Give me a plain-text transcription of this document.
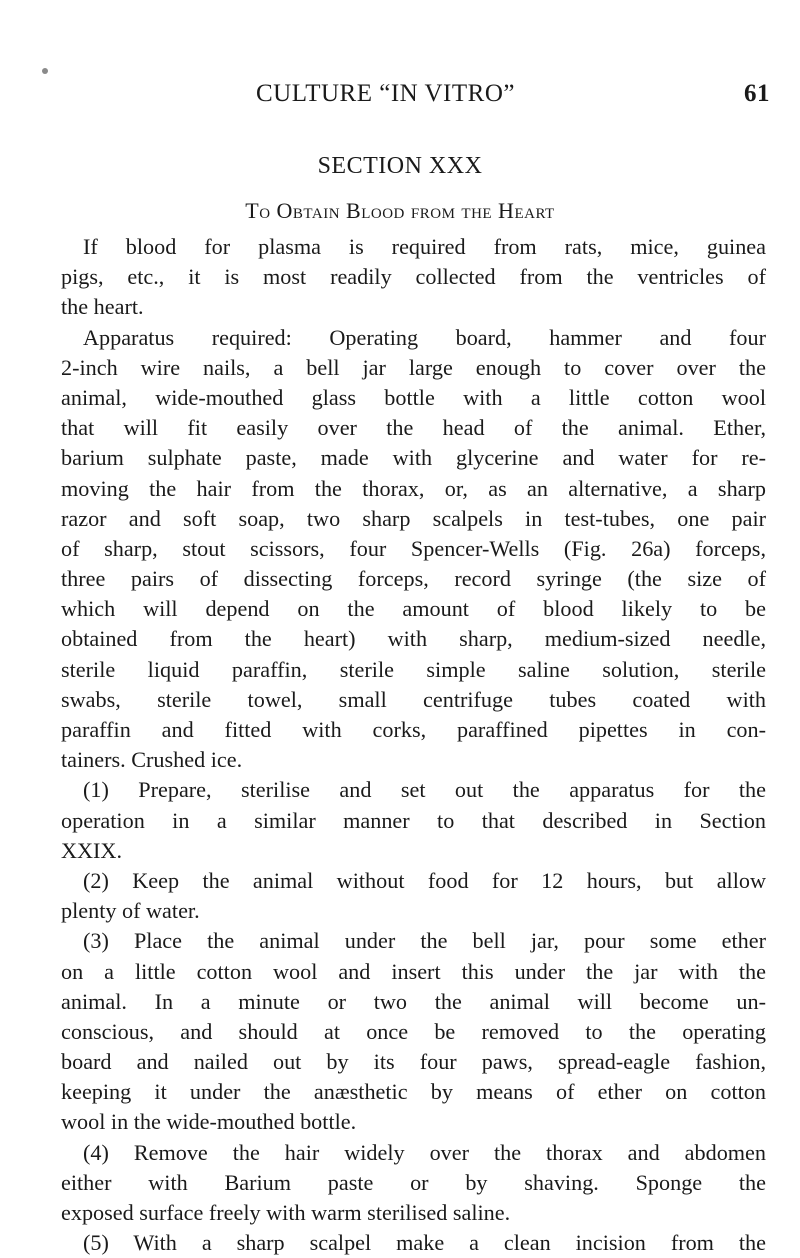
CULTURE “IN VITRO”	61
SECTION XXX
To Obtain Blood from the Heart
If blood for plasma is required from rats, mice, guinea
pigs, etc., it is most readily collected from the ventricles of
the heart.
Apparatus required: Operating board, hammer and four
2-inch wire nails, a bell jar large enough to cover over the
animal, wide-mouthed glass bottle with a little cotton wool
that will fit easily over the head of the animal. Ether,
barium sulphate paste, made with glycerine and water for re-
moving the hair from the thorax, or, as an alternative, a sharp
razor and soft soap, two sharp scalpels in test-tubes, one pair
of sharp, stout scissors, four Spencer-Wells (Fig. 26a) forceps,
three pairs of dissecting forceps, record syringe (the size of
which will depend on the amount of blood likely to be
obtained from the heart) with sharp, medium-sized needle,
sterile liquid paraffin, sterile simple saline solution, sterile
swabs, sterile towel, small centrifuge tubes coated with
paraffin and fitted with corks, paraffined pipettes in con-
tainers. Crushed ice.
(1) Prepare, sterilise and set out the apparatus for the
operation in a similar manner to that described in Section
XXIX.
(2) Keep the animal without food for 12 hours, but allow
plenty of water.
(3) Place the animal under the bell jar, pour some ether
on a little cotton wool and insert this under the jar with the
animal. In a minute or two the animal will become un-
conscious, and should at once be removed to the operating
board and nailed out by its four paws, spread-eagle fashion,
keeping it under the anæsthetic by means of ether on cotton
wool in the wide-mouthed bottle.
(4) Remove the hair widely over the thorax and abdomen
either with Barium paste or by shaving. Sponge the
exposed surface freely with warm sterilised saline.
(5) With a sharp scalpel make a clean incision from the
